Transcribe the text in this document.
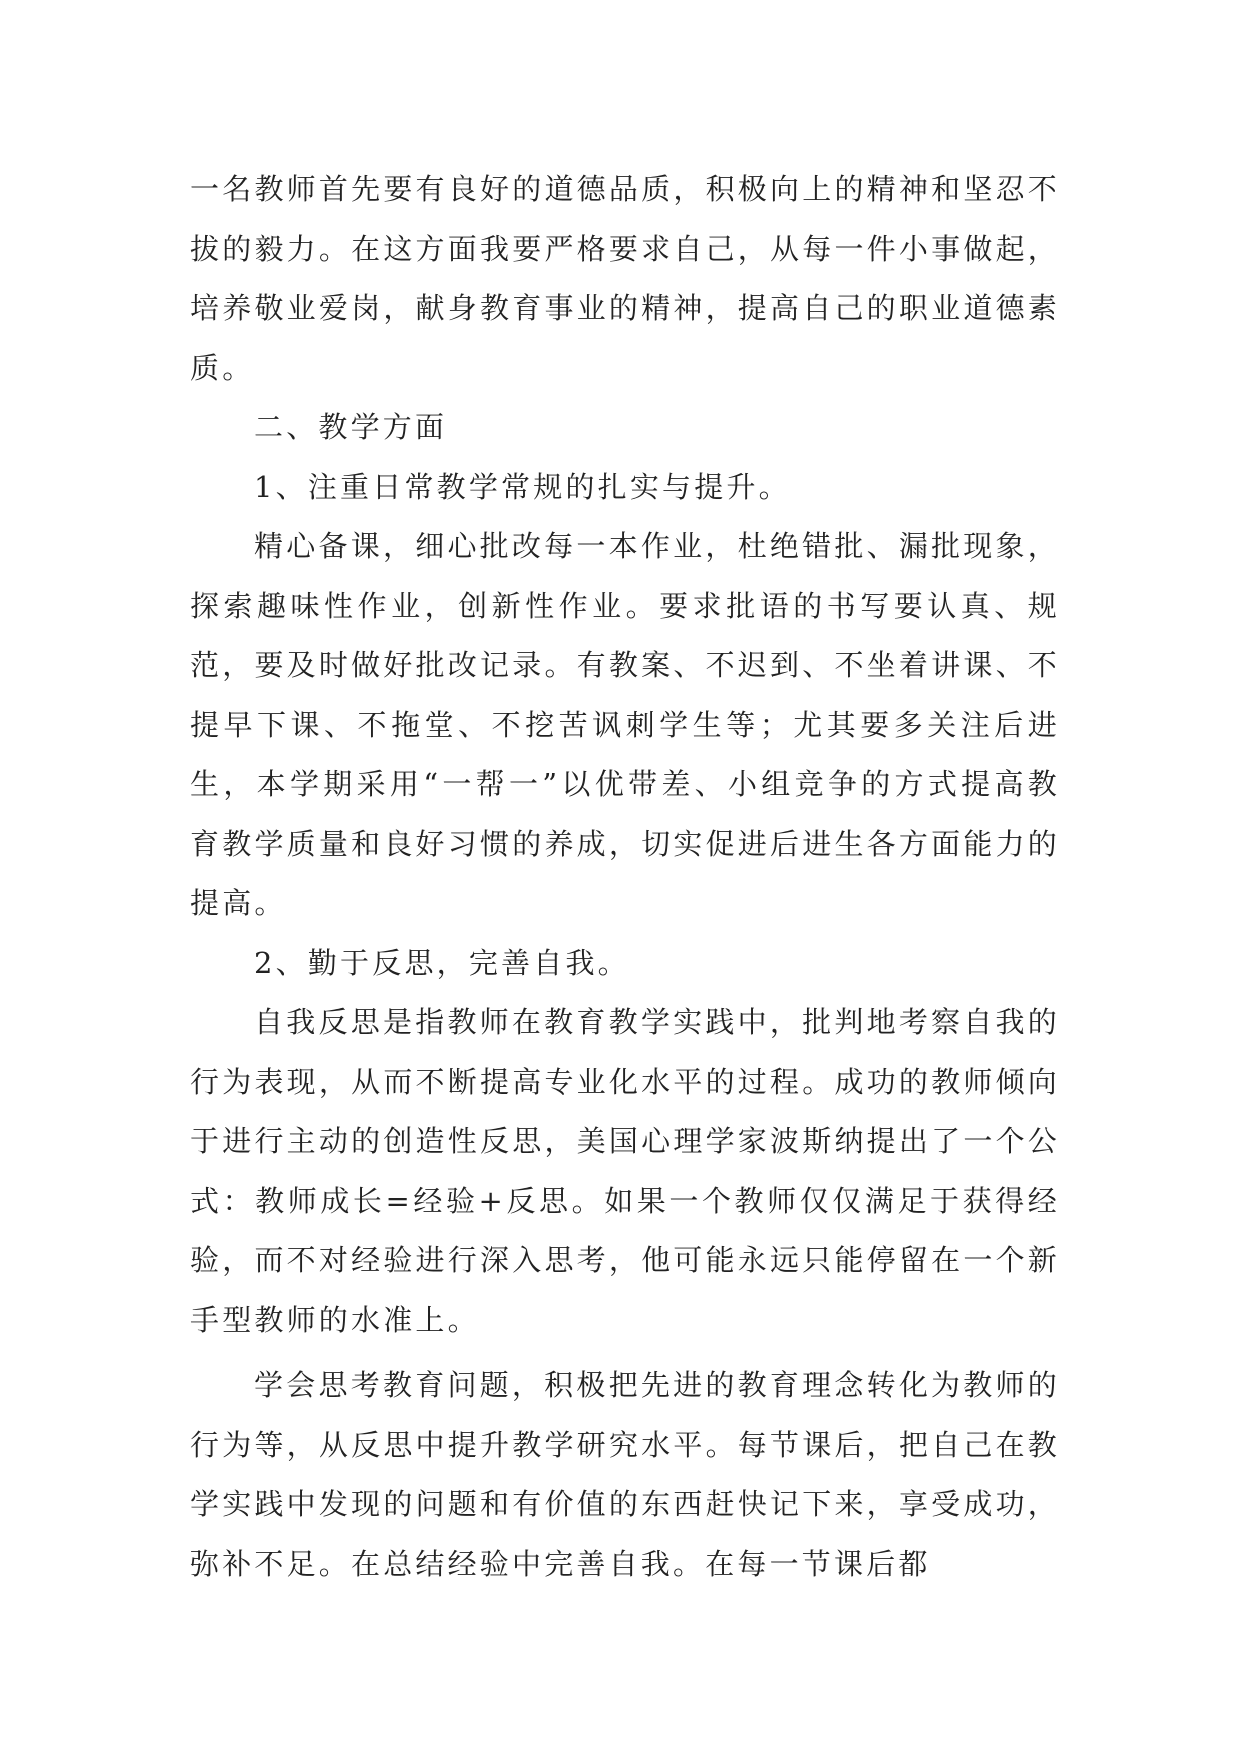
一名教师首先要有良好的道德品质，积极向上的精神和坚忍不拔的毅力。在这方面我要严格要求自己，从每一件小事做起，培养敬业爱岗，献身教育事业的精神，提高自己的职业道德素质。

二、教学方面

1、注重日常教学常规的扎实与提升。

精心备课，细心批改每一本作业，杜绝错批、漏批现象，探索趣味性作业，创新性作业。要求批语的书写要认真、规范，要及时做好批改记录。有教案、不迟到、不坐着讲课、不提早下课、不拖堂、不挖苦讽刺学生等；尤其要多关注后进生，本学期采用“一帮一”以优带差、小组竞争的方式提高教育教学质量和良好习惯的养成，切实促进后进生各方面能力的提高。

2、勤于反思，完善自我。

自我反思是指教师在教育教学实践中，批判地考察自我的行为表现，从而不断提高专业化水平的过程。成功的教师倾向于进行主动的创造性反思，美国心理学家波斯纳提出了一个公式：教师成长=经验+反思。如果一个教师仅仅满足于获得经验，而不对经验进行深入思考，他可能永远只能停留在一个新手型教师的水准上。

学会思考教育问题，积极把先进的教育理念转化为教师的行为等，从反思中提升教学研究水平。每节课后，把自己在教学实践中发现的问题和有价值的东西赶快记下来，享受成功，弥补不足。在总结经验中完善自我。在每一节课后都
